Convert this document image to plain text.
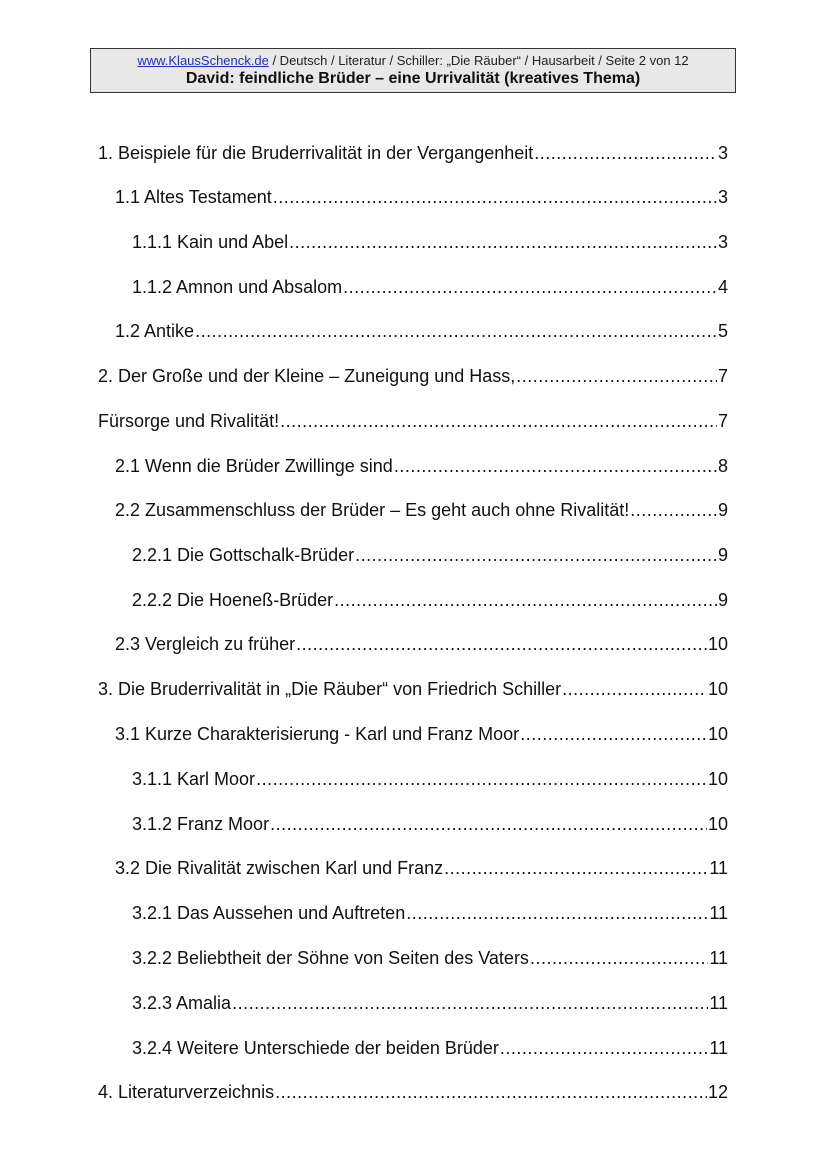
www.KlausSchenck.de / Deutsch / Literatur / Schiller: „Die Räuber“ / Hausarbeit / Seite 2 von 12
David: feindliche Brüder – eine Urrivalität (kreatives Thema)
1. Beispiele für die Bruderrivalität in der Vergangenheit .....	3
1.1 Altes Testament .....	3
1.1.1 Kain und Abel .....	3
1.1.2 Amnon und Absalom .....	4
1.2 Antike .....	5
2. Der Große und der Kleine – Zuneigung und Hass, .....	7
Fürsorge und Rivalität! .....	7
2.1 Wenn die Brüder Zwillinge sind .....	8
2.2 Zusammenschluss der Brüder – Es geht auch ohne Rivalität! .....	9
2.2.1 Die Gottschalk-Brüder .....	9
2.2.2 Die Hoeneß-Brüder .....	9
2.3 Vergleich zu früher .....	10
3. Die Bruderrivalität in „Die Räuber“ von Friedrich Schiller .....	10
3.1 Kurze Charakterisierung - Karl und Franz Moor .....	10
3.1.1 Karl Moor .....	10
3.1.2 Franz Moor .....	10
3.2 Die Rivalität zwischen Karl und Franz .....	11
3.2.1 Das Aussehen und Auftreten .....	11
3.2.2 Beliebtheit der Söhne von Seiten des Vaters .....	11
3.2.3 Amalia .....	11
3.2.4 Weitere Unterschiede der beiden Brüder .....	11
4. Literaturverzeichnis .....	12
